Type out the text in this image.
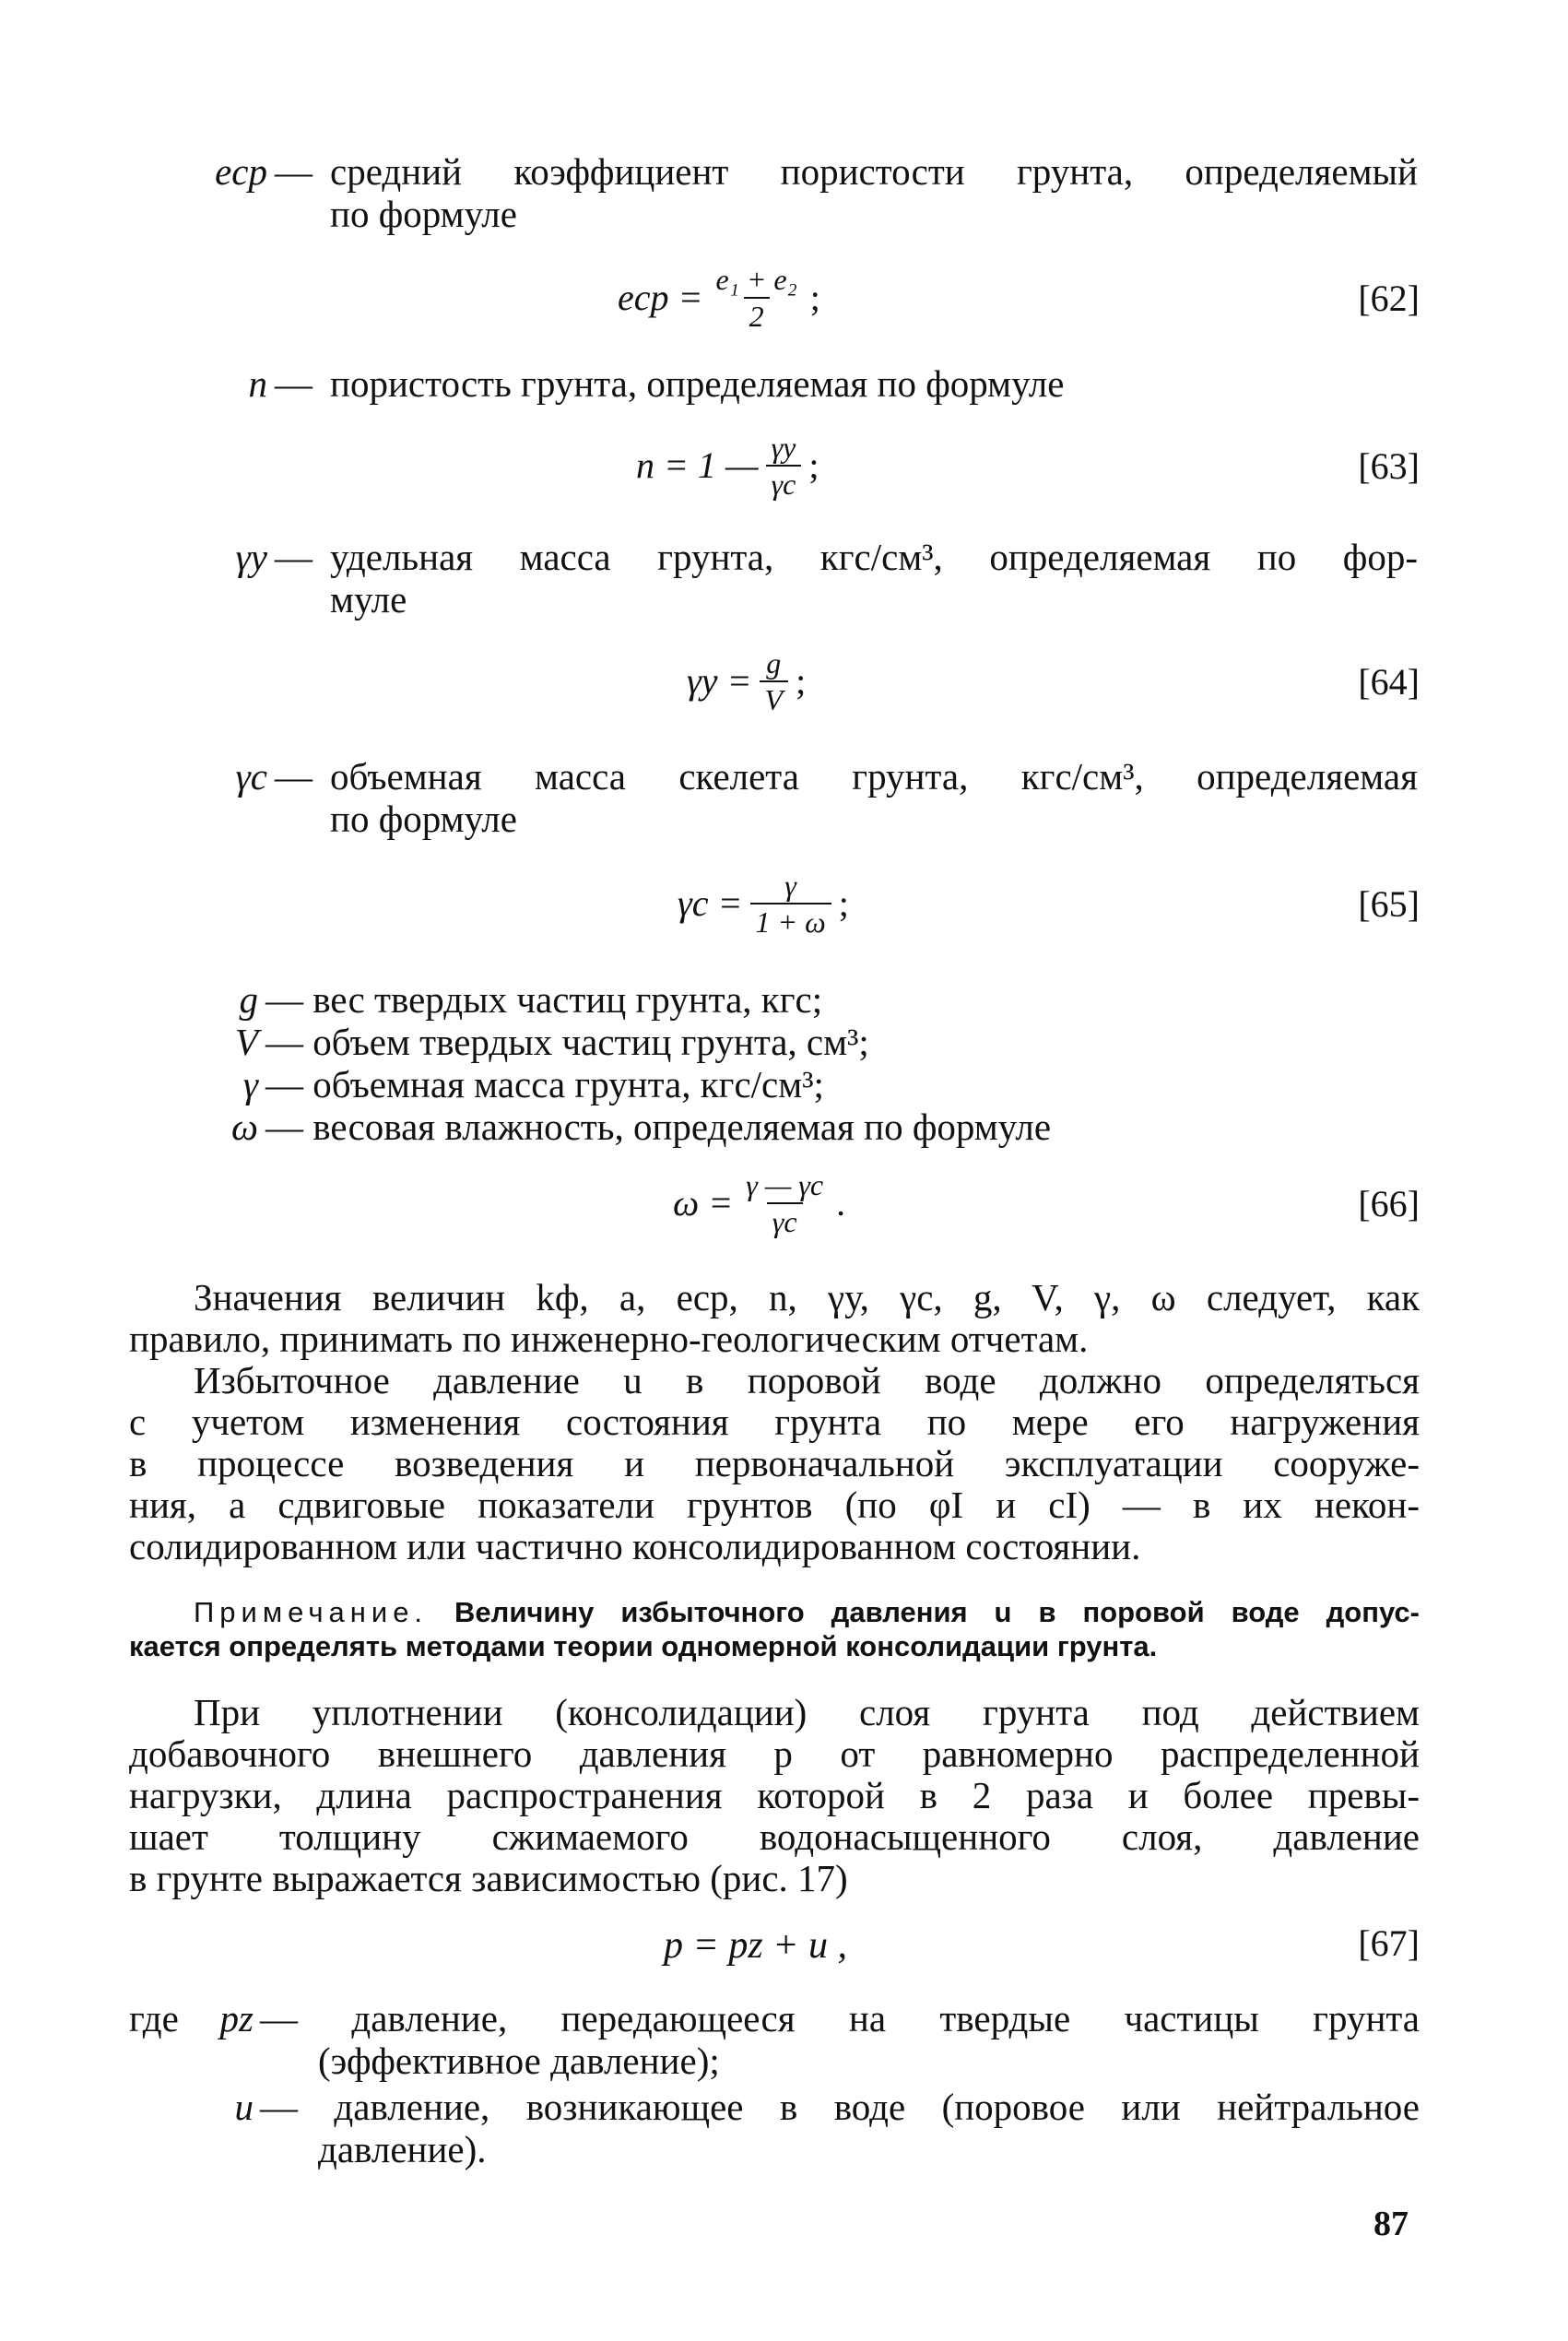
eср — средний коэффициент пористости грунта, определяемый
по формуле
eср = $\frac{\text{e₁ + e₂}}{2}$ ;	[62]
n — пористость грунта, определяемая по формуле
n = 1 — $\frac{\gamma у}{\gamma с}$ ;	[63]
γу — удельная масса грунта, кгс/см³, определяемая по фор-
муле
$\gamma у = \frac{g}{V}$ ;	[64]
γс — объемная масса скелета грунта, кгс/см³, определяемая
по формуле
$\gamma с = \frac{\gamma}{1 + \omega}$ ;	[65]
g — вес твердых частиц грунта, кгс;
V — объем твердых частиц грунта, см³;
γ — объемная масса грунта, кгс/см³;
ω — весовая влажность, определяемая по формуле
$\omega = \frac{\gamma — \gamma с}{\gamma с}$ .	[66]
Значения величин kф, a, eср, n, γу, γс, g, V, γ, ω следует, как
правило, принимать по инженерно-геологическим отчетам.
Избыточное давление u в поровой воде должно определяться
с учетом изменения состояния грунта по мере его нагружения
в процессе возведения и первоначальной эксплуатации сооруже-
ния, а сдвиговые показатели грунтов (по φI и cI) — в их некон-
солидированном или частично консолидированном состоянии.
Примечание. Величину избыточного давления u в поровой воде допус-
кается определять методами теории одномерной консолидации грунта.
При уплотнении (консолидации) слоя грунта под действием
добавочного внешнего давления p от равномерно распределенной
нагрузки, длина распространения которой в 2 раза и более превы-
шает толщину сжимаемого водонасыщенного слоя, давление
в грунте выражается зависимостью (рис. 17)
p = pz + u ,	[67]
где	pz — давление, передающееся на твердые частицы грунта
(эффективное давление);
u — давление, возникающее в воде (поровое или нейтральное
давление).
87
